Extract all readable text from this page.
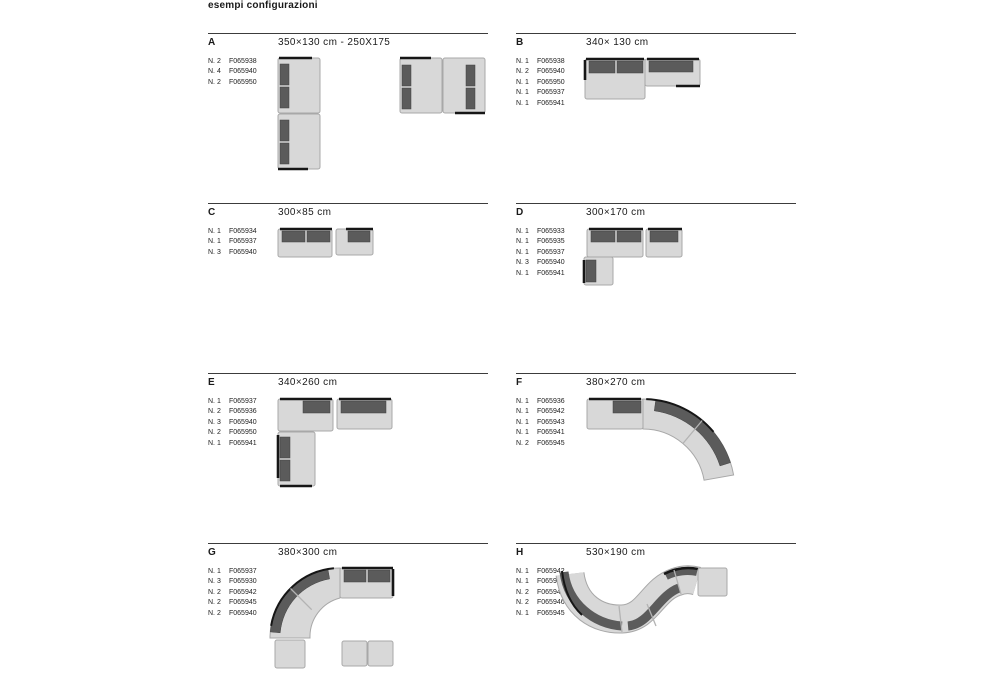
esempi configurazioni
A	350×130 cm - 250X175
N. 2	F065938
N. 4	F065940
N. 2	F065950
B	340× 130 cm
N. 1	F065938
N. 2	F065940
N. 1	F065950
N. 1	F065937
N. 1	F065941
C	300×85 cm
N. 1	F065934
N. 1	F065937
N. 3	F065940
D	300×170 cm
N. 1	F065933
N. 1	F065935
N. 1	F065937
N. 3	F065940
N. 1	F065941
E	340×260 cm
N. 1	F065937
N. 2	F065936
N. 3	F065940
N. 2	F065950
N. 1	F065941
F	380×270 cm
N. 1	F065936
N. 1	F065942
N. 1	F065943
N. 1	F065941
N. 2	F065945
G	380×300 cm
N. 1	F065937
N. 3	F065930
N. 2	F065942
N. 2	F065945
N. 2	F065940
H	530×190 cm
N. 1	F065942
N. 1	F065930
N. 2	F065943
N. 2	F065946
N. 1	F065945
